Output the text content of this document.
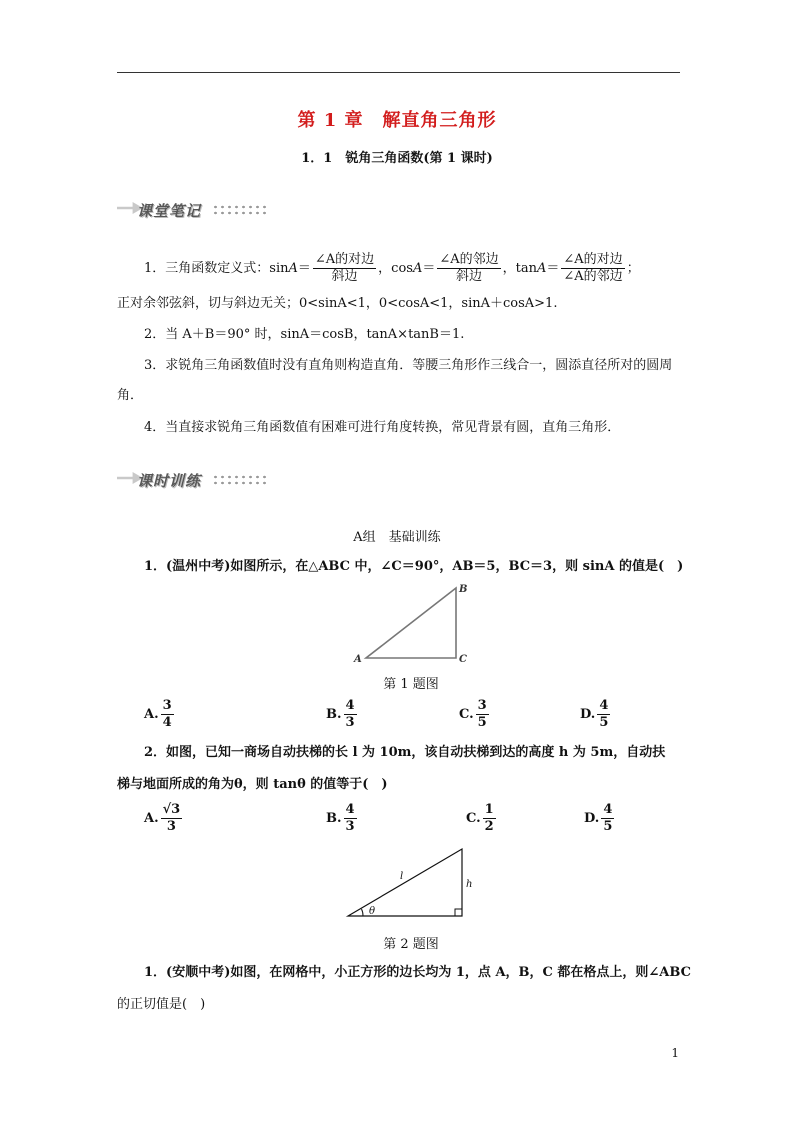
第 1 章　解直角三角形
1．1　锐角三角函数(第 1 课时)
课堂笔记
1．三角函数定义式：$\sin A= \frac{\text{∠A的对边}}{\text{斜边}}$ ，$\cos A= \frac{\text{∠A的邻边}}{\text{斜边}}$ ，$\tan A= \frac{\text{∠A的对边}}{\text{∠A的邻边}}$ ；
正对余邻弦斜，切与斜边无关；0<sinA<1，0<cosA<1，sinA＋cosA>1.
2．当 A＋B＝90° 时，sinA＝cosB，tanA×tanB＝1.
3．求锐角三角函数值时没有直角则构造直角．等腰三角形作三线合一，圆添直径所对的圆周角．
4．当直接求锐角三角函数值有困难可进行角度转换，常见背景有圆，直角三角形．
课时训练
A组　基础训练
1．(温州中考)如图所示，在△ABC 中，∠C＝90°，AB＝5，BC＝3，则 sinA 的值是(　)
A
B
C
第 1 题图
A. $\frac{3}{4}$	B. $\frac{4}{3}$	C. $\frac{3}{5}$	D. $\frac{4}{5}$
2．如图，已知一商场自动扶梯的长 l 为 10m，该自动扶梯到达的高度 h 为 5m，自动扶
梯与地面所成的角为θ，则 tanθ 的值等于(　)
A. $\frac{√3}{3}$	B. $\frac{4}{3}$	C. $\frac{1}{2}$	D. $\frac{4}{5}$
l
h
θ
第 2 题图
1．(安顺中考)如图，在网格中，小正方形的边长均为 1，点 A，B，C 都在格点上，则∠ABC
的正切值是(　)
1
